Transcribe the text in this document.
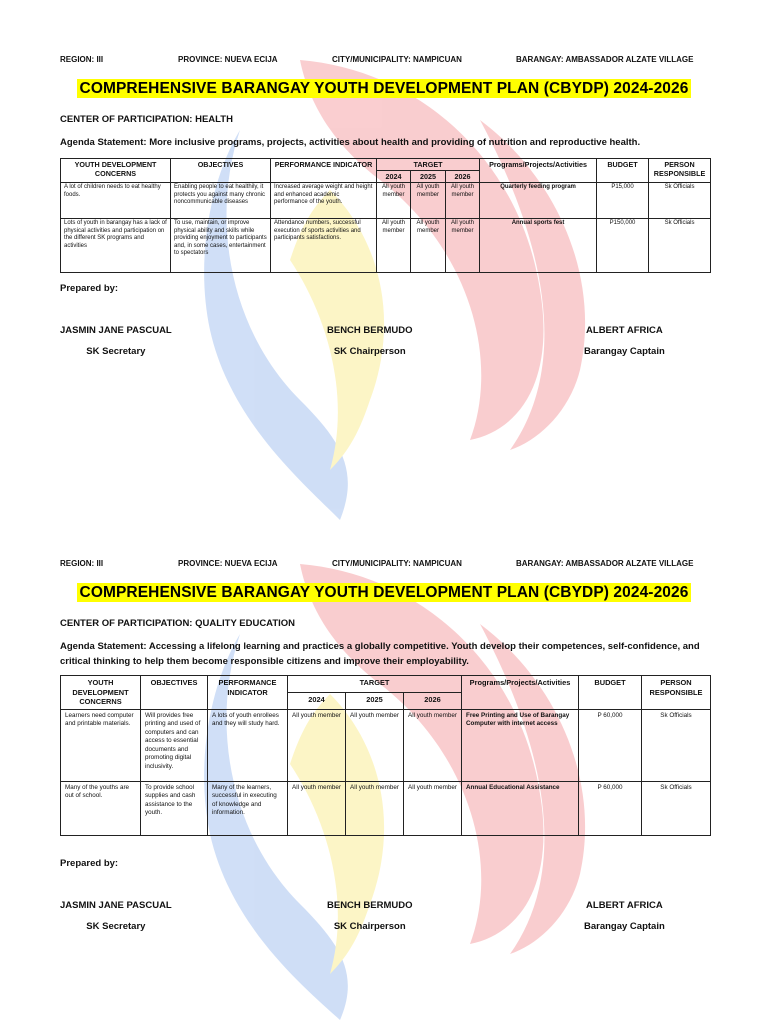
REGION: III	PROVINCE: NUEVA ECIJA	CITY/MUNICIPALITY: NAMPICUAN	BARANGAY: AMBASSADOR ALZATE VILLAGE
COMPREHENSIVE BARANGAY YOUTH DEVELOPMENT PLAN (CBYDP) 2024-2026
CENTER OF PARTICIPATION: HEALTH
Agenda Statement: More inclusive programs, projects, activities about health and providing of nutrition and reproductive health.
YOUTH DEVELOPMENT CONCERNS	OBJECTIVES	PERFORMANCE INDICATOR	TARGET			Programs/Projects/Activities	BUDGET	PERSON RESPONSIBLE
			2024	2025	2026			
A lot of children needs to eat healthy foods.	Enabling people to eat healthily, it protects you against many chronic noncommunicable diseases	Increased average weight and height and enhanced academic performance of the youth.	All youth member	All youth member	All youth member	Quarterly feeding program	P15,000	Sk Officials
Lots of youth in barangay has a lack of physical activities and participation on the different SK programs and activities	To use, maintain, or improve physical ability and skills while providing enjoyment to participants and, in some cases, entertainment to spectators	Attendance numbers, successful execution of sports activities and participants satisfactions.	All youth member	All youth member	All youth member	Annual sports fest	P150,000	Sk Officials
Prepared by:
JASMIN JANE PASCUAL
SK Secretary
BENCH BERMUDO
SK Chairperson
ALBERT AFRICA
Barangay Captain
REGION: III	PROVINCE: NUEVA ECIJA	CITY/MUNICIPALITY: NAMPICUAN	BARANGAY: AMBASSADOR ALZATE VILLAGE
COMPREHENSIVE BARANGAY YOUTH DEVELOPMENT PLAN (CBYDP) 2024-2026
CENTER OF PARTICIPATION: QUALITY EDUCATION
Agenda Statement: Accessing a lifelong learning and practices a globally competitive. Youth develop their competences, self-confidence, and critical thinking to help them become responsible citizens and improve their employability.
YOUTH DEVELOPMENT CONCERNS	OBJECTIVES	PERFORMANCE INDICATOR	TARGET			Programs/Projects/Activities	BUDGET	PERSON RESPONSIBLE
			2024	2025	2026			
Learners need computer and printable materials.	Will provides free printing and used of computers and can access to essential documents and promoting digital inclusivity.	A lots of youth enrollees and they will study hard.	All youth member	All youth member	All youth member	Free Printing and Use of Barangay Computer with internet access	P 60,000	Sk Officials
Many of the youths are out of school.	To provide school supplies and cash assistance to the youth.	Many of the learners, successful in executing of knowledge and information.	All youth member	All youth member	All youth member	Annual Educational Assistance	P 60,000	Sk Officials
Prepared by:
JASMIN JANE PASCUAL
SK Secretary
BENCH BERMUDO
SK Chairperson
ALBERT AFRICA
Barangay Captain
